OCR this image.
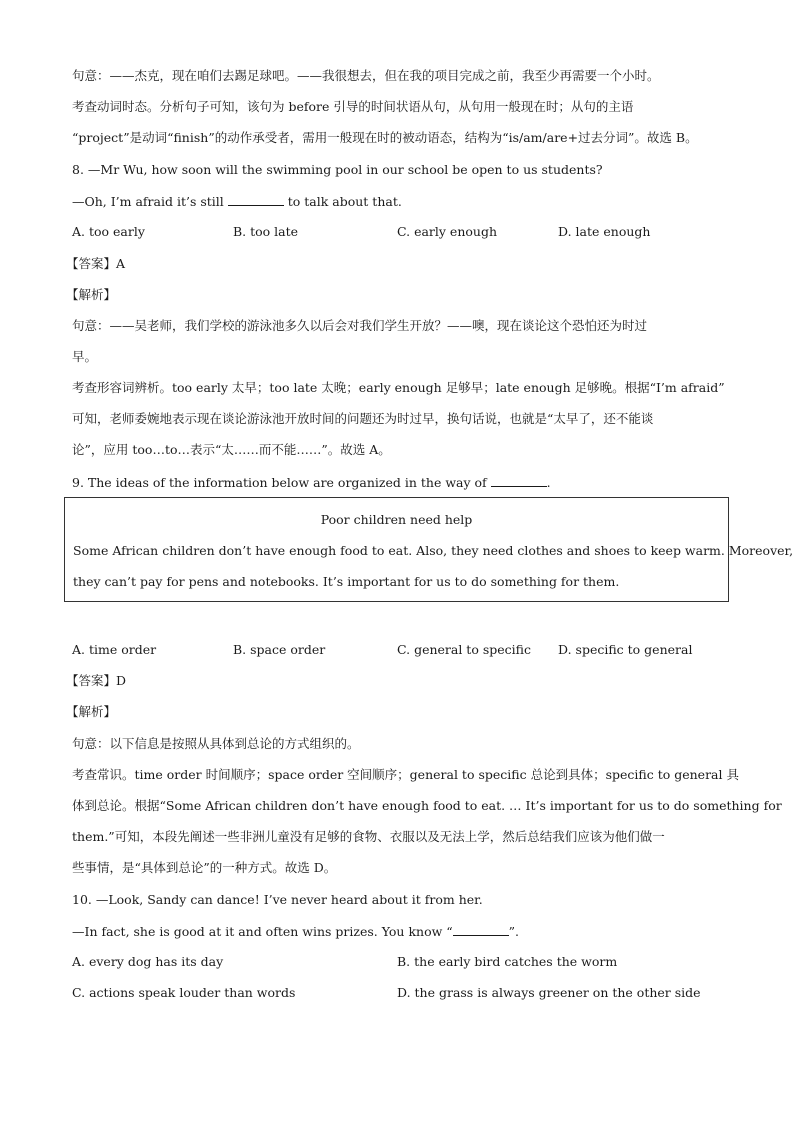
句意：——杰克，现在咱们去踢足球吧。——我很想去，但在我的项目完成之前，我至少再需要一个小时。
考查动词时态。分析句子可知，该句为 before 引导的时间状语从句，从句用一般现在时；从句的主语
“project”是动词“finish”的动作承受者，需用一般现在时的被动语态，结构为“is/am/are+过去分词”。故选 B。
8. —Mr Wu, how soon will the swimming pool in our school be open to us students?
—Oh, I’m afraid it’s still	to talk about that.
A. too early	B. too late	C. early enough	D. late enough
【答案】A
【解析】
句意：——吴老师，我们学校的游泳池多久以后会对我们学生开放？——噢，现在谈论这个恐怕还为时过
早。
考查形容词辨析。too early 太早；too late 太晚；early enough 足够早；late enough 足够晚。根据“I’m afraid”
可知，老师委婉地表示现在谈论游泳池开放时间的问题还为时过早，换句话说，也就是“太早了，还不能谈
论”，应用 too…to…表示“太……而不能……”。故选 A。
9. The ideas of the information below are organized in the way of	.
Poor children need help
Some African children don’t have enough food to eat. Also, they need clothes and shoes to keep warm. Moreover,
they can’t pay for pens and notebooks. It’s important for us to do something for them.
A. time order	B. space order	C. general to specific D. specific to general
【答案】D
【解析】
句意：以下信息是按照从具体到总论的方式组织的。
考查常识。time order 时间顺序；space order 空间顺序；general to specific 总论到具体；specific to general 具
体到总论。根据“Some African children don’t have enough food to eat. … It’s important for us to do something for
them.”可知，本段先阐述一些非洲儿童没有足够的食物、衣服以及无法上学，然后总结我们应该为他们做一
些事情，是“具体到总论”的一种方式。故选 D。
10. —Look, Sandy can dance! I’ve never heard about it from her.
—In fact, she is good at it and often wins prizes. You know “	”.
A. every dog has its day	B. the early bird catches the worm
C. actions speak louder than words	D. the grass is always greener on the other side
